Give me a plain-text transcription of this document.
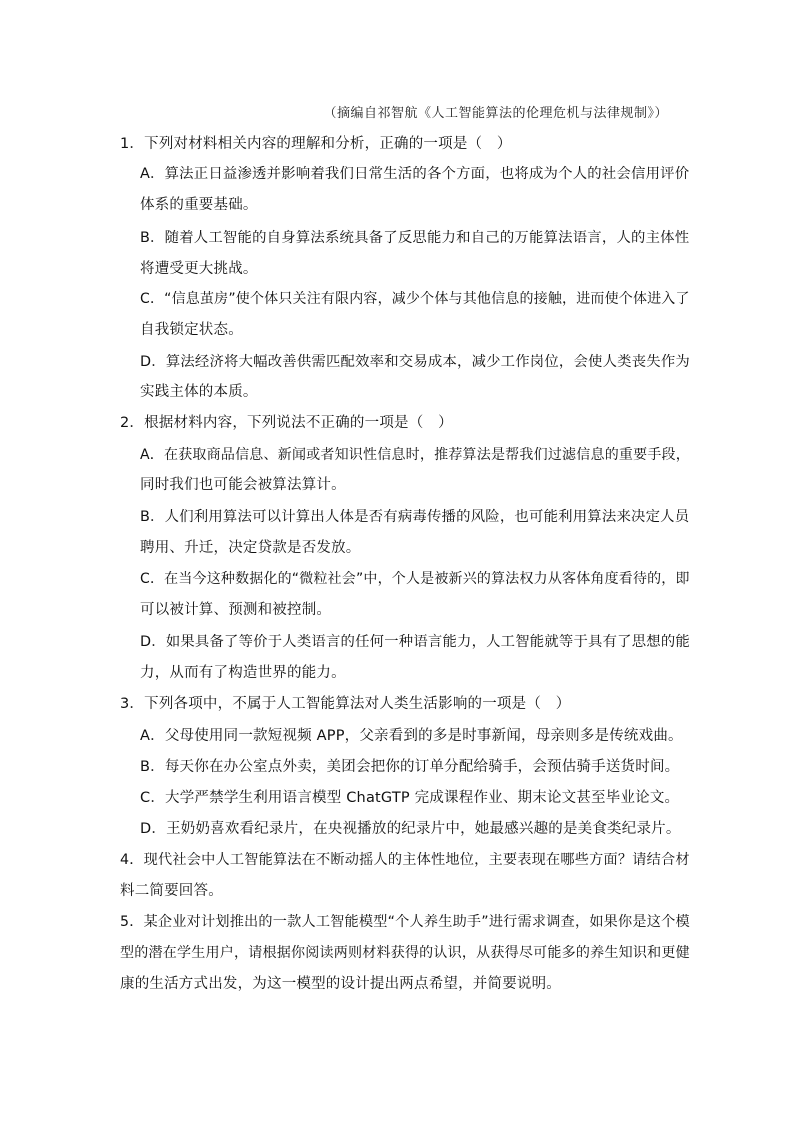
（摘编自祁智航《人工智能算法的伦理危机与法律规制》）
1．下列对材料相关内容的理解和分析，正确的一项是（　）
A．算法正日益渗透并影响着我们日常生活的各个方面，也将成为个人的社会信用评价
体系的重要基础。
B．随着人工智能的自身算法系统具备了反思能力和自己的万能算法语言，人的主体性
将遭受更大挑战。
C．“信息茧房”使个体只关注有限内容，减少个体与其他信息的接触，进而使个体进入了
自我锁定状态。
D．算法经济将大幅改善供需匹配效率和交易成本，减少工作岗位，会使人类丧失作为
实践主体的本质。
2．根据材料内容，下列说法不正确的一项是（　）
A．在获取商品信息、新闻或者知识性信息时，推荐算法是帮我们过滤信息的重要手段，
同时我们也可能会被算法算计。
B．人们利用算法可以计算出人体是否有病毒传播的风险，也可能利用算法来决定人员
聘用、升迁，决定贷款是否发放。
C．在当今这种数据化的“微粒社会”中，个人是被新兴的算法权力从客体角度看待的，即
可以被计算、预测和被控制。
D．如果具备了等价于人类语言的任何一种语言能力，人工智能就等于具有了思想的能
力，从而有了构造世界的能力。
3．下列各项中，不属于人工智能算法对人类生活影响的一项是（　）
A．父母使用同一款短视频 APP，父亲看到的多是时事新闻，母亲则多是传统戏曲。
B．每天你在办公室点外卖，美团会把你的订单分配给骑手，会预估骑手送货时间。
C．大学严禁学生利用语言模型 ChatGTP 完成课程作业、期末论文甚至毕业论文。
D．王奶奶喜欢看纪录片，在央视播放的纪录片中，她最感兴趣的是美食类纪录片。
4．现代社会中人工智能算法在不断动摇人的主体性地位，主要表现在哪些方面？请结合材
料二简要回答。
5．某企业对计划推出的一款人工智能模型“个人养生助手”进行需求调查，如果你是这个模
型的潜在学生用户，请根据你阅读两则材料获得的认识，从获得尽可能多的养生知识和更健
康的生活方式出发，为这一模型的设计提出两点希望，并简要说明。
